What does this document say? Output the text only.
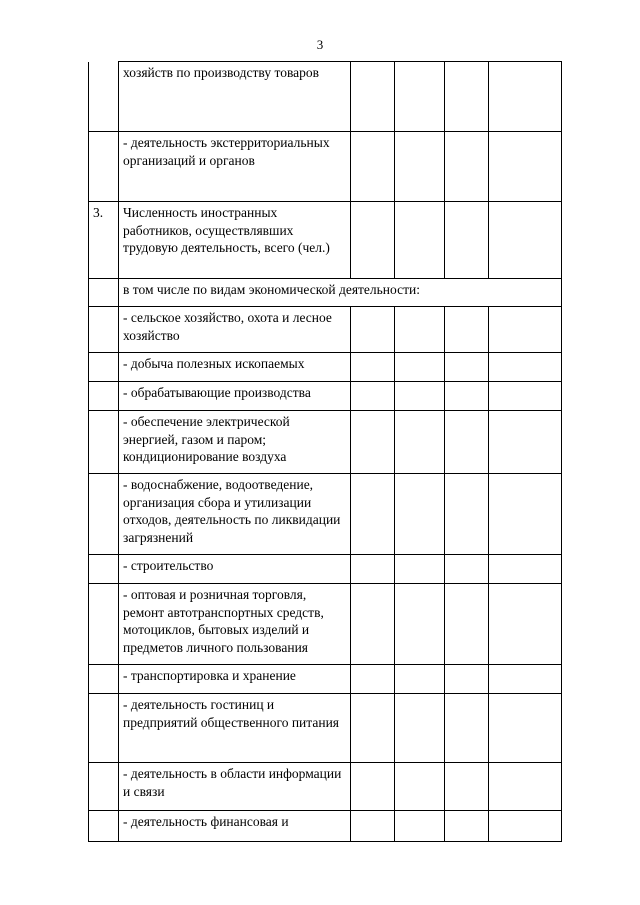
3
	хозяйств по производству товаров				
	- деятельность экстерриториальных организаций и органов				
3.	Численность иностранных работников, осуществлявших трудовую деятельность, всего (чел.)				
	в том числе по видам экономической деятельности:				
	- сельское хозяйство, охота и лесное хозяйство				
	- добыча полезных ископаемых				
	- обрабатывающие производства				
	- обеспечение электрической энергией, газом и паром; кондиционирование воздуха				
	- водоснабжение, водоотведение, организация сбора и утилизации отходов, деятельность по ликвидации загрязнений				
	- строительство				
	- оптовая и розничная торговля, ремонт автотранспортных средств, мотоциклов, бытовых изделий и предметов личного пользования				
	- транспортировка и хранение				
	- деятельность гостиниц и предприятий общественного питания				
	- деятельность в области информации и связи				
	- деятельность финансовая и				
